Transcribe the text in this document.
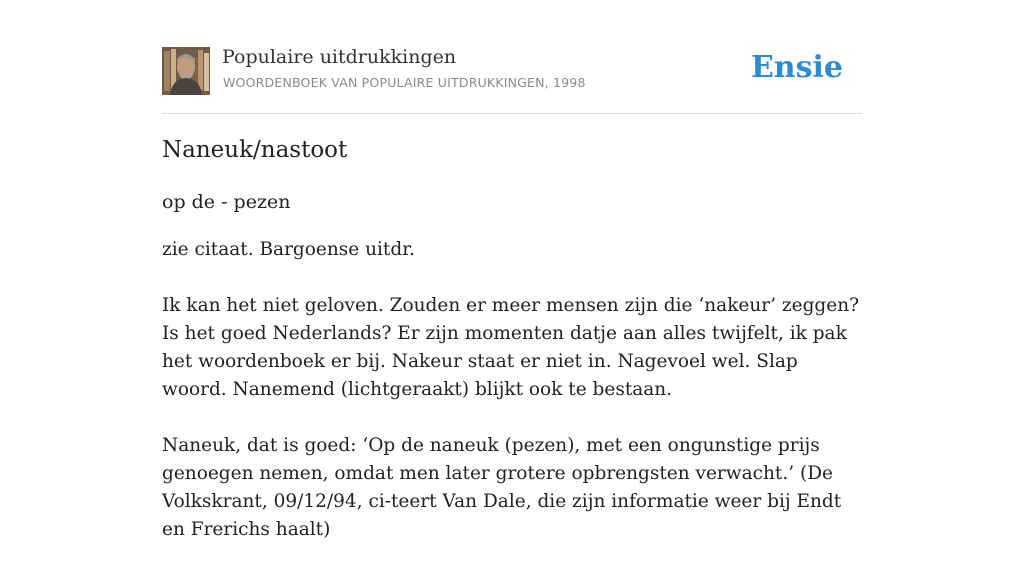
Populaire uitdrukkingen
WOORDENBOEK VAN POPULAIRE UITDRUKKINGEN, 1998	Ensie
Naneuk/nastoot
op de - pezen

zie citaat. Bargoense uitdr.

Ik kan het niet geloven. Zouden er meer mensen zijn die ‘nakeur’ zeggen? Is het goed Nederlands? Er zijn momenten datje aan alles twijfelt, ik pak het woordenboek er bij. Nakeur staat er niet in. Nagevoel wel. Slap woord. Nanemend (lichtgeraakt) blijkt ook te bestaan.

Naneuk, dat is goed: ‘Op de naneuk (pezen), met een ongunstige prijs genoegen nemen, omdat men later grotere opbrengsten verwacht.’ (De Volkskrant, 09/12/94, ci-teert Van Dale, die zijn informatie weer bij Endt en Frerichs haalt)
